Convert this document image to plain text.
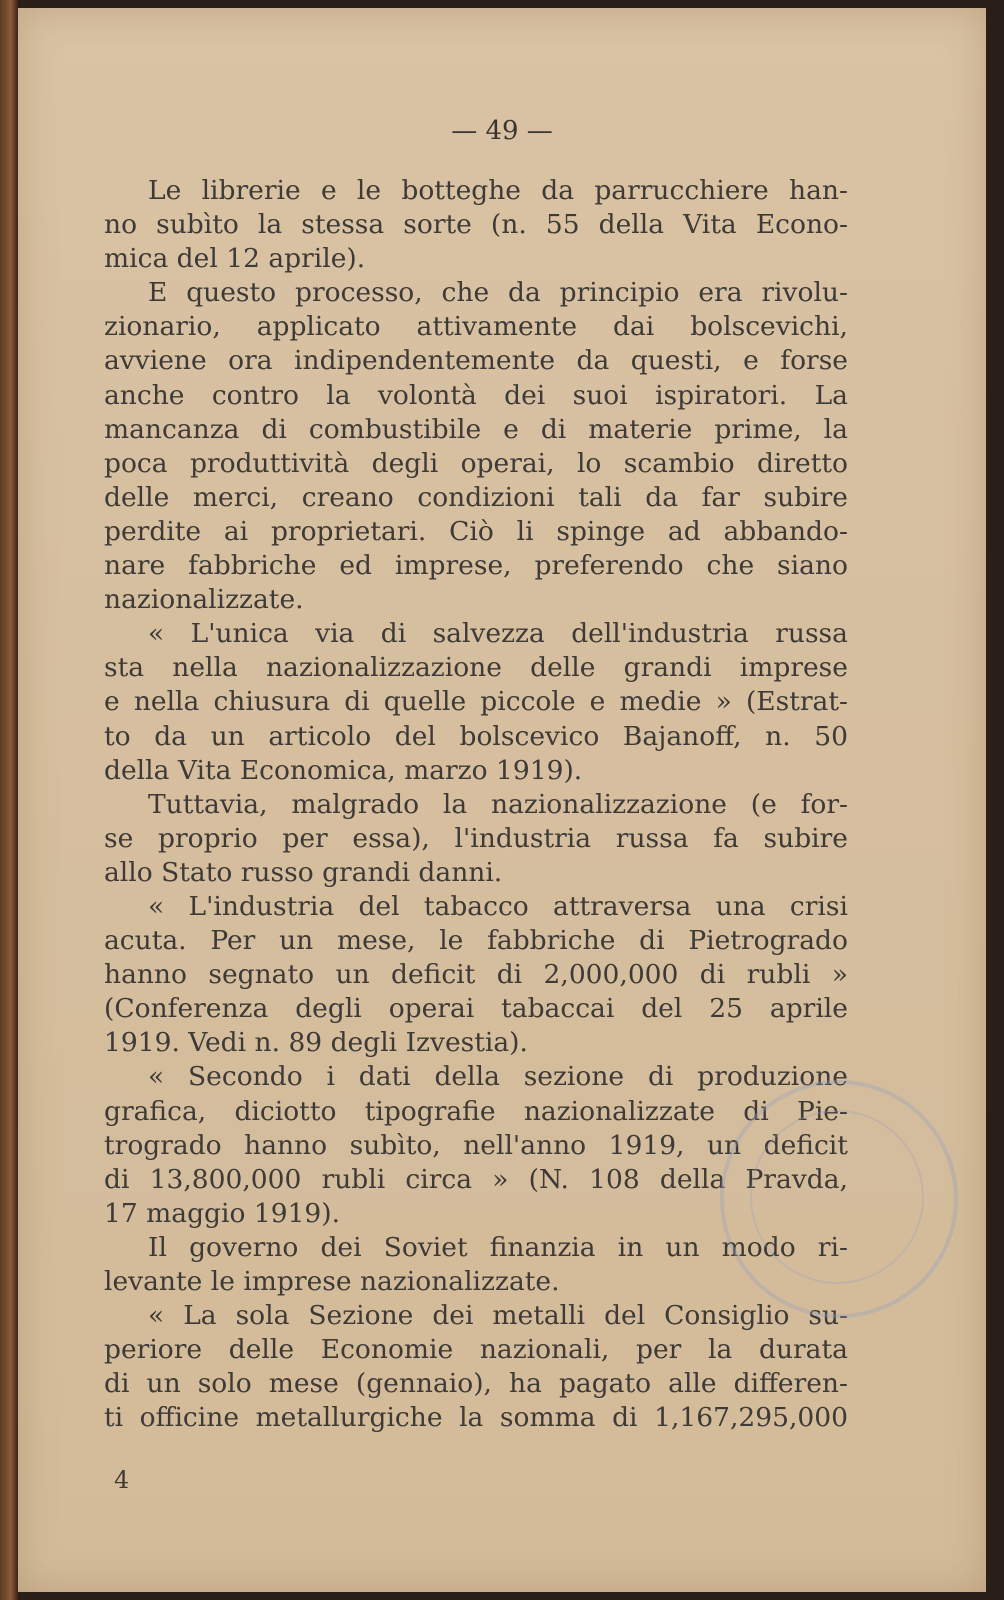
— 49 —
Le librerie e le botteghe da parrucchiere han-
no subìto la stessa sorte (n. 55 della Vita Econo-
mica del 12 aprile).
E questo processo, che da principio era rivolu-
zionario, applicato attivamente dai bolscevichi,
avviene ora indipendentemente da questi, e forse
anche contro la volontà dei suoi ispiratori. La
mancanza di combustibile e di materie prime, la
poca produttività degli operai, lo scambio diretto
delle merci, creano condizioni tali da far subire
perdite ai proprietari. Ciò li spinge ad abbando-
nare fabbriche ed imprese, preferendo che siano
nazionalizzate.
« L'unica via di salvezza dell'industria russa
sta nella nazionalizzazione delle grandi imprese
e nella chiusura di quelle piccole e medie » (Estrat-
to da un articolo del bolscevico Bajanoff, n. 50
della Vita Economica, marzo 1919).
Tuttavia, malgrado la nazionalizzazione (e for-
se proprio per essa), l'industria russa fa subire
allo Stato russo grandi danni.
« L'industria del tabacco attraversa una crisi
acuta. Per un mese, le fabbriche di Pietrogrado
hanno segnato un deficit di 2,000,000 di rubli »
(Conferenza degli operai tabaccai del 25 aprile
1919. Vedi n. 89 degli Izvestia).
« Secondo i dati della sezione di produzione
grafica, diciotto tipografie nazionalizzate di Pie-
trogrado hanno subìto, nell'anno 1919, un deficit
di 13,800,000 rubli circa » (N. 108 della Pravda,
17 maggio 1919).
Il governo dei Soviet finanzia in un modo ri-
levante le imprese nazionalizzate.
« La sola Sezione dei metalli del Consiglio su-
periore delle Economie nazionali, per la durata
di un solo mese (gennaio), ha pagato alle differen-
ti officine metallurgiche la somma di 1,167,295,000
4
